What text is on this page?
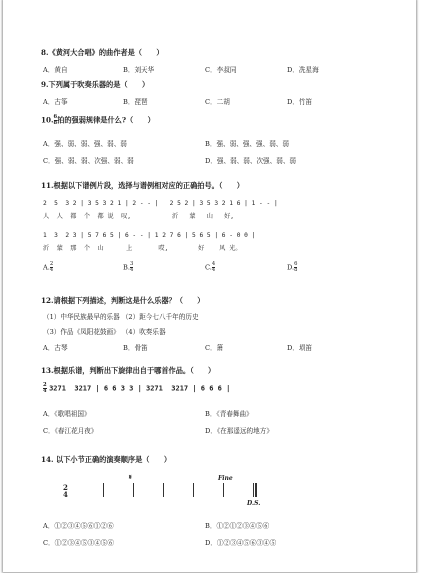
8.《黄河大合唱》的曲作者是（　　）
A．黄自	B．刘天华	C．李叔同	D．冼星海
9.下列属于吹奏乐器的是（　　）
A．古筝	B．琵琶	C．二胡	D．竹笛
10. $\frac{6}{8}$ 拍的强弱规律是什么?（　　）
A．强、弱、弱、强、弱、弱	B．强、弱、强、强、弱、弱
C．强、弱、弱、次强、弱、弱	D．强、弱、弱、次强、弱、弱
11.根据以下谱例片段，选择与谱例相对应的正确拍号。（　　）
2  5  3 2 | 3 5 3 2 1 | 2 - - |   2 5 2 | 3 5 3 2 1 6 | 1 - - |
人  人  都  个  都 说  叹,           沂   蒙   山   好,
1  3  2 3 | 5 7 6 5 | 6 - - | 1 2 7 6 | 5 6 5 | 6 - 0 0 |
沂  蒙  那  个  山      上       哎,        好    风 光。
A. $\frac{2}{4}$	B. $\frac{3}{4}$	C. $\frac{4}{4}$	D. $\frac{6}{8}$
12.请根据下列描述，判断这是什么乐器？（　　）
（1）中华民族最早的乐器 （2）距今七八千年的历史
（3）作品《凤阳花鼓画》 （4）吹奏乐器
A．古琴	B．骨笛	C．箫	D．埙笛
13.根据乐谱，判断出下旋律出自于哪首作品。（　　）
$\frac{2}{4} 3271$  3217 | 6 6 3 3 | 3271  3217 | 6 6 6 |
A．《歌唱祖国》	B．《青春舞曲》
C．《春江花月夜》	D．《在那遥远的地方》
14. 以下小节正确的演奏顺序是（　　）
2
4
𝄋	Fine
D.S.
A．①②③④⑤⑥①②⑥	B．①②①②③④⑤⑥
C．①②③④⑤③④⑤⑥	D．①②③④⑤⑥③④⑤
